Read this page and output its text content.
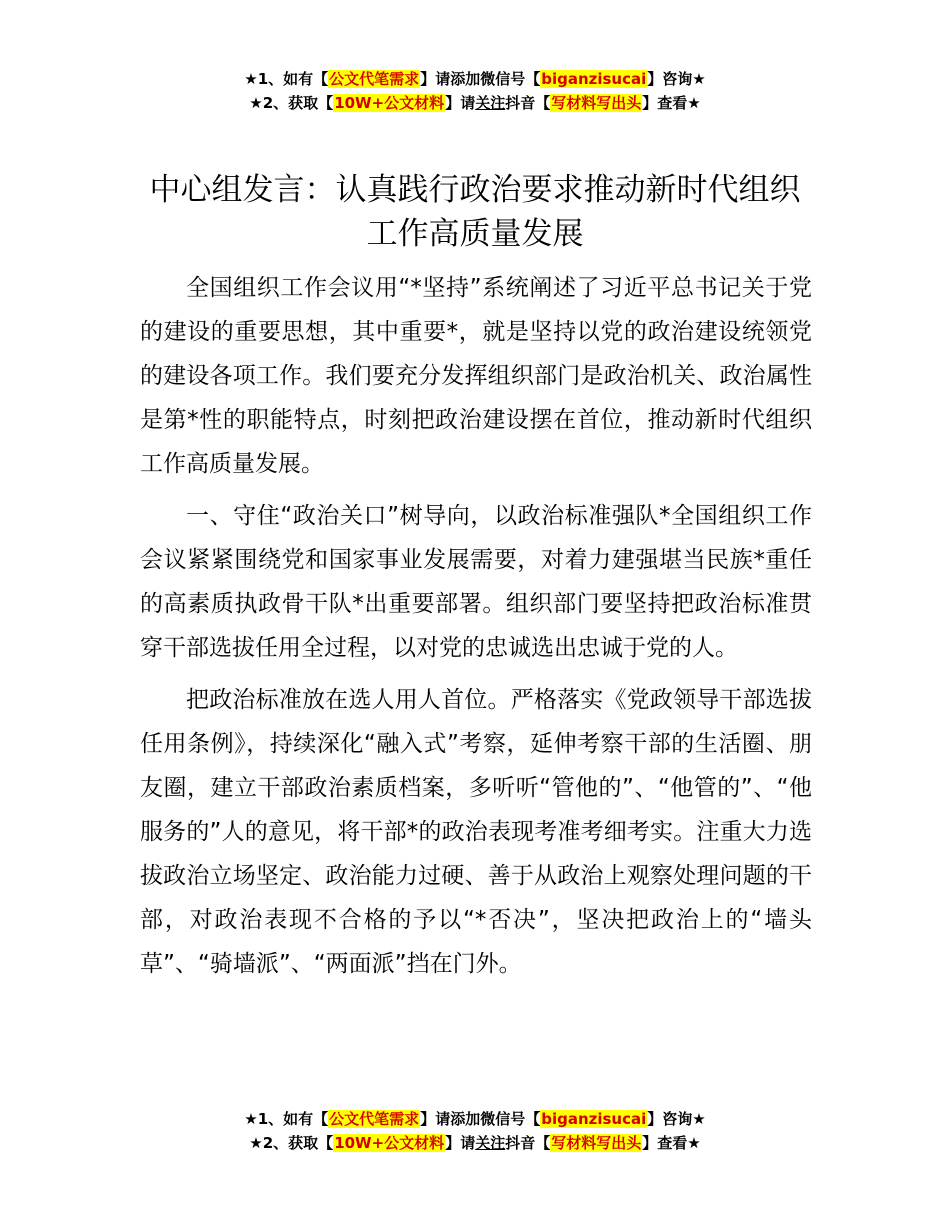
★1、如有【公文代笔需求】请添加微信号【biganzisucai】咨询★
★2、获取【10W+公文材料】请关注抖音【写材料写出头】查看★
中心组发言：认真践行政治要求推动新时代组织工作高质量发展

全国组织工作会议用“*坚持”系统阐述了习近平总书记关于党的建设的重要思想，其中重要*，就是坚持以党的政治建设统领党的建设各项工作。我们要充分发挥组织部门是政治机关、政治属性是第*性的职能特点，时刻把政治建设摆在首位，推动新时代组织工作高质量发展。

一、守住“政治关口”树导向，以政治标准强队*全国组织工作会议紧紧围绕党和国家事业发展需要，对着力建强堪当民族*重任的高素质执政骨干队*出重要部署。组织部门要坚持把政治标准贯穿干部选拔任用全过程，以对党的忠诚选出忠诚于党的人。

把政治标准放在选人用人首位。严格落实《党政领导干部选拔任用条例》，持续深化“融入式”考察，延伸考察干部的生活圈、朋友圈，建立干部政治素质档案，多听听“管他的”、“他管的”、“他服务的”人的意见，将干部*的政治表现考准考细考实。注重大力选拔政治立场坚定、政治能力过硬、善于从政治上观察处理问题的干部，对政治表现不合格的予以“*否决”，坚决把政治上的“墙头草”、“骑墙派”、“两面派”挡在门外。

★1、如有【公文代笔需求】请添加微信号【biganzisucai】咨询★
★2、获取【10W+公文材料】请关注抖音【写材料写出头】查看★
